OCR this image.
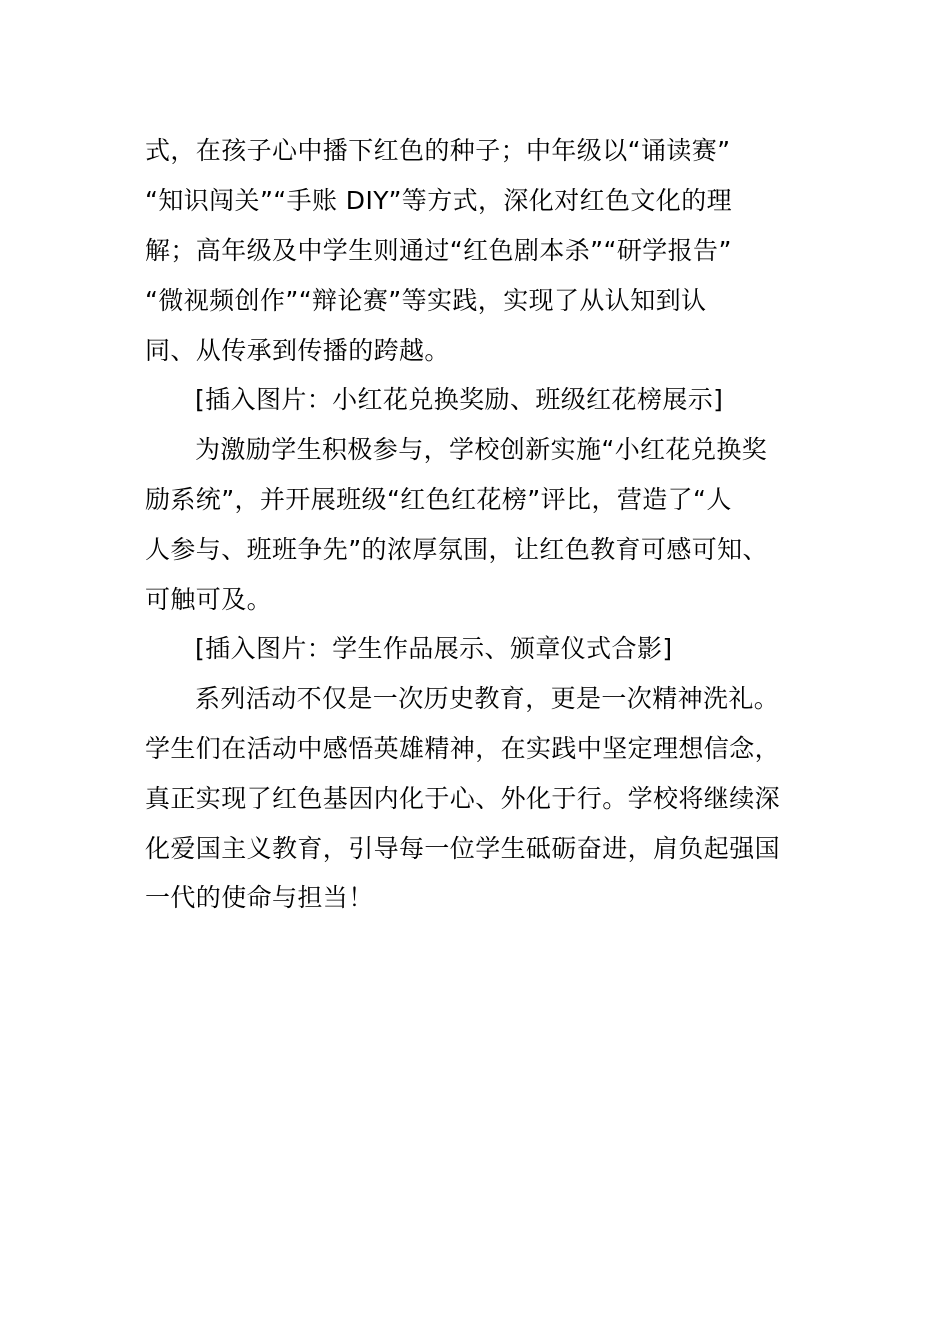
式，在孩子心中播下红色的种子；中年级以“诵读赛”
“知识闯关”“手账 DIY”等方式，深化对红色文化的理
解；高年级及中学生则通过“红色剧本杀”“研学报告”
“微视频创作”“辩论赛”等实践，实现了从认知到认
同、从传承到传播的跨越。
[插入图片：小红花兑换奖励、班级红花榜展示]
为激励学生积极参与，学校创新实施“小红花兑换奖
励系统”，并开展班级“红色红花榜”评比，营造了“人
人参与、班班争先”的浓厚氛围，让红色教育可感可知、
可触可及。
[插入图片：学生作品展示、颁章仪式合影]
系列活动不仅是一次历史教育，更是一次精神洗礼。
学生们在活动中感悟英雄精神，在实践中坚定理想信念，
真正实现了红色基因内化于心、外化于行。学校将继续深
化爱国主义教育，引导每一位学生砥砺奋进，肩负起强国
一代的使命与担当！
